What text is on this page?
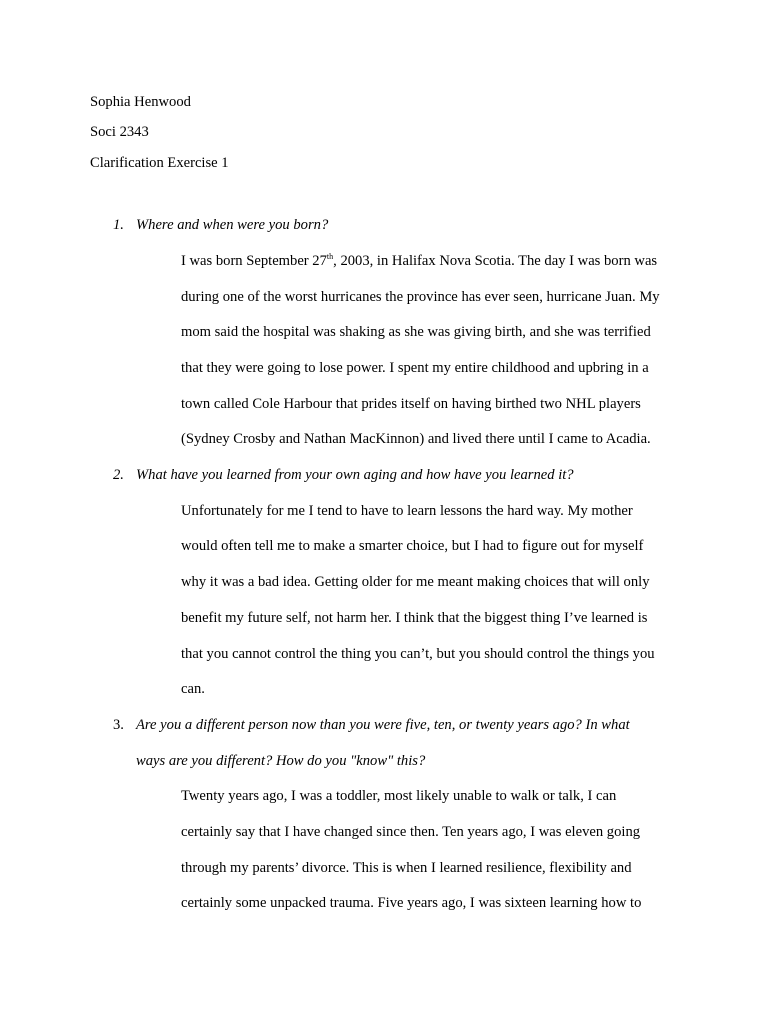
Sophia Henwood
Soci 2343
Clarification Exercise 1
1. Where and when were you born?
I was born September 27th, 2003, in Halifax Nova Scotia. The day I was born was
during one of the worst hurricanes the province has ever seen, hurricane Juan. My
mom said the hospital was shaking as she was giving birth, and she was terrified
that they were going to lose power. I spent my entire childhood and upbring in a
town called Cole Harbour that prides itself on having birthed two NHL players
(Sydney Crosby and Nathan MacKinnon) and lived there until I came to Acadia.
2. What have you learned from your own aging and how have you learned it?
Unfortunately for me I tend to have to learn lessons the hard way. My mother
would often tell me to make a smarter choice, but I had to figure out for myself
why it was a bad idea. Getting older for me meant making choices that will only
benefit my future self, not harm her. I think that the biggest thing I’ve learned is
that you cannot control the thing you can’t, but you should control the things you
can.
3. Are you a different person now than you were five, ten, or twenty years ago? In what
ways are you different? How do you "know" this?
Twenty years ago, I was a toddler, most likely unable to walk or talk, I can
certainly say that I have changed since then. Ten years ago, I was eleven going
through my parents’ divorce. This is when I learned resilience, flexibility and
certainly some unpacked trauma. Five years ago, I was sixteen learning how to
